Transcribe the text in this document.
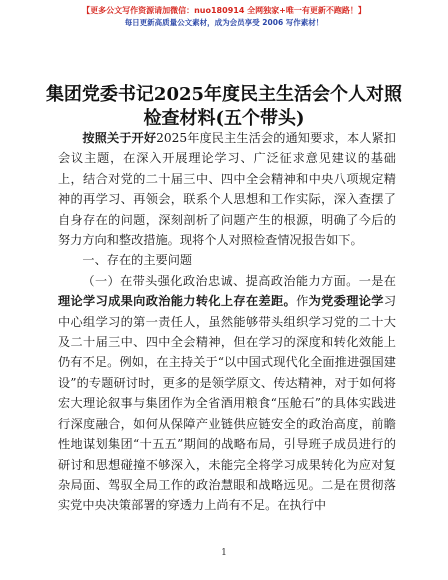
【更多公文写作资源请加微信：nuo180914 全网独家+唯一有更新不跑路！】
每日更新高质量公文素材，成为会员享受 2006 写作素材！
集团党委书记2025年度民主生活会个人对照检查材料(五个带头)

按照关于开好2025年度民主生活会的通知要求，本人紧扣会议主题，在深入开展理论学习、广泛征求意见建议的基础上，结合对党的二十届三中、四中全会精神和中央八项规定精神的再学习、再领会，联系个人思想和工作实际，深入查摆了自身存在的问题，深刻剖析了问题产生的根源，明确了今后的努力方向和整改措施。现将个人对照检查情况报告如下。

一、存在的主要问题

（一）在带头强化政治忠诚、提高政治能力方面。一是在理论学习成果向政治能力转化上存在差距。作为党委理论学习中心组学习的第一责任人，虽然能够带头组织学习党的二十大及二十届三中、四中全会精神，但在学习的深度和转化效能上仍有不足。例如，在主持关于“以中国式现代化全面推进强国建设”的专题研讨时，更多的是领学原文、传达精神，对于如何将宏大理论叙事与集团作为全省酒用粮食“压舱石”的具体实践进行深度融合，如何从保障产业链供应链安全的政治高度，前瞻性地谋划集团“十五五”期间的战略布局，引导班子成员进行的研讨和思想碰撞不够深入，未能完全将学习成果转化为应对复杂局面、驾驭全局工作的政治慧眼和战略远见。二是在贯彻落实党中央决策部署的穿透力上尚有不足。在执行中

1
